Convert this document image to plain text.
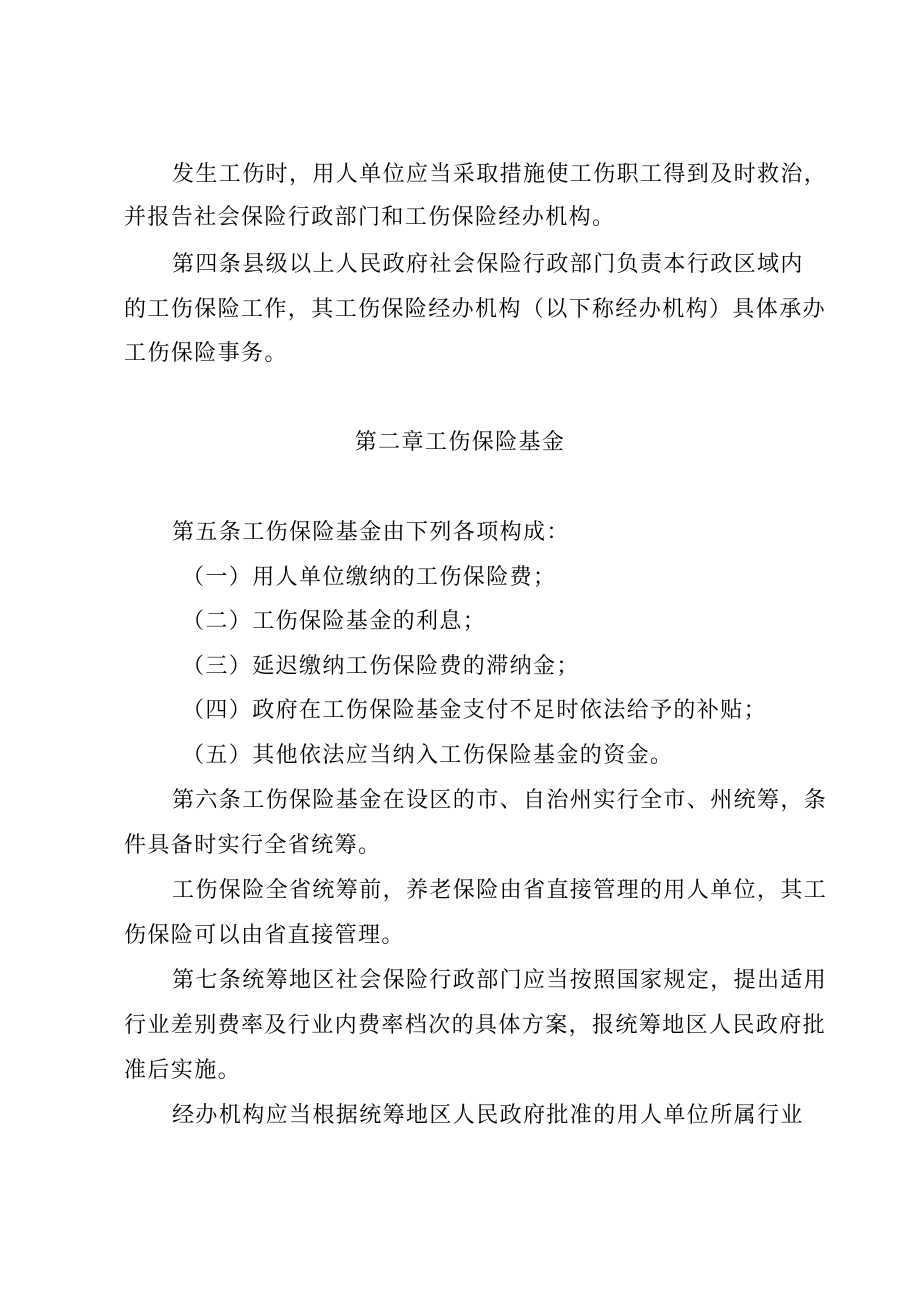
发生工伤时，用人单位应当采取措施使工伤职工得到及时救治，
并报告社会保险行政部门和工伤保险经办机构。
第四条县级以上人民政府社会保险行政部门负责本行政区域内
的工伤保险工作，其工伤保险经办机构（以下称经办机构）具体承办
工伤保险事务。
第二章工伤保险基金
第五条工伤保险基金由下列各项构成：
（一）用人单位缴纳的工伤保险费；
（二）工伤保险基金的利息；
（三）延迟缴纳工伤保险费的滞纳金；
（四）政府在工伤保险基金支付不足时依法给予的补贴；
（五）其他依法应当纳入工伤保险基金的资金。
第六条工伤保险基金在设区的市、自治州实行全市、州统筹，条
件具备时实行全省统筹。
工伤保险全省统筹前，养老保险由省直接管理的用人单位，其工
伤保险可以由省直接管理。
第七条统筹地区社会保险行政部门应当按照国家规定，提出适用
行业差别费率及行业内费率档次的具体方案，报统筹地区人民政府批
准后实施。
经办机构应当根据统筹地区人民政府批准的用人单位所属行业
